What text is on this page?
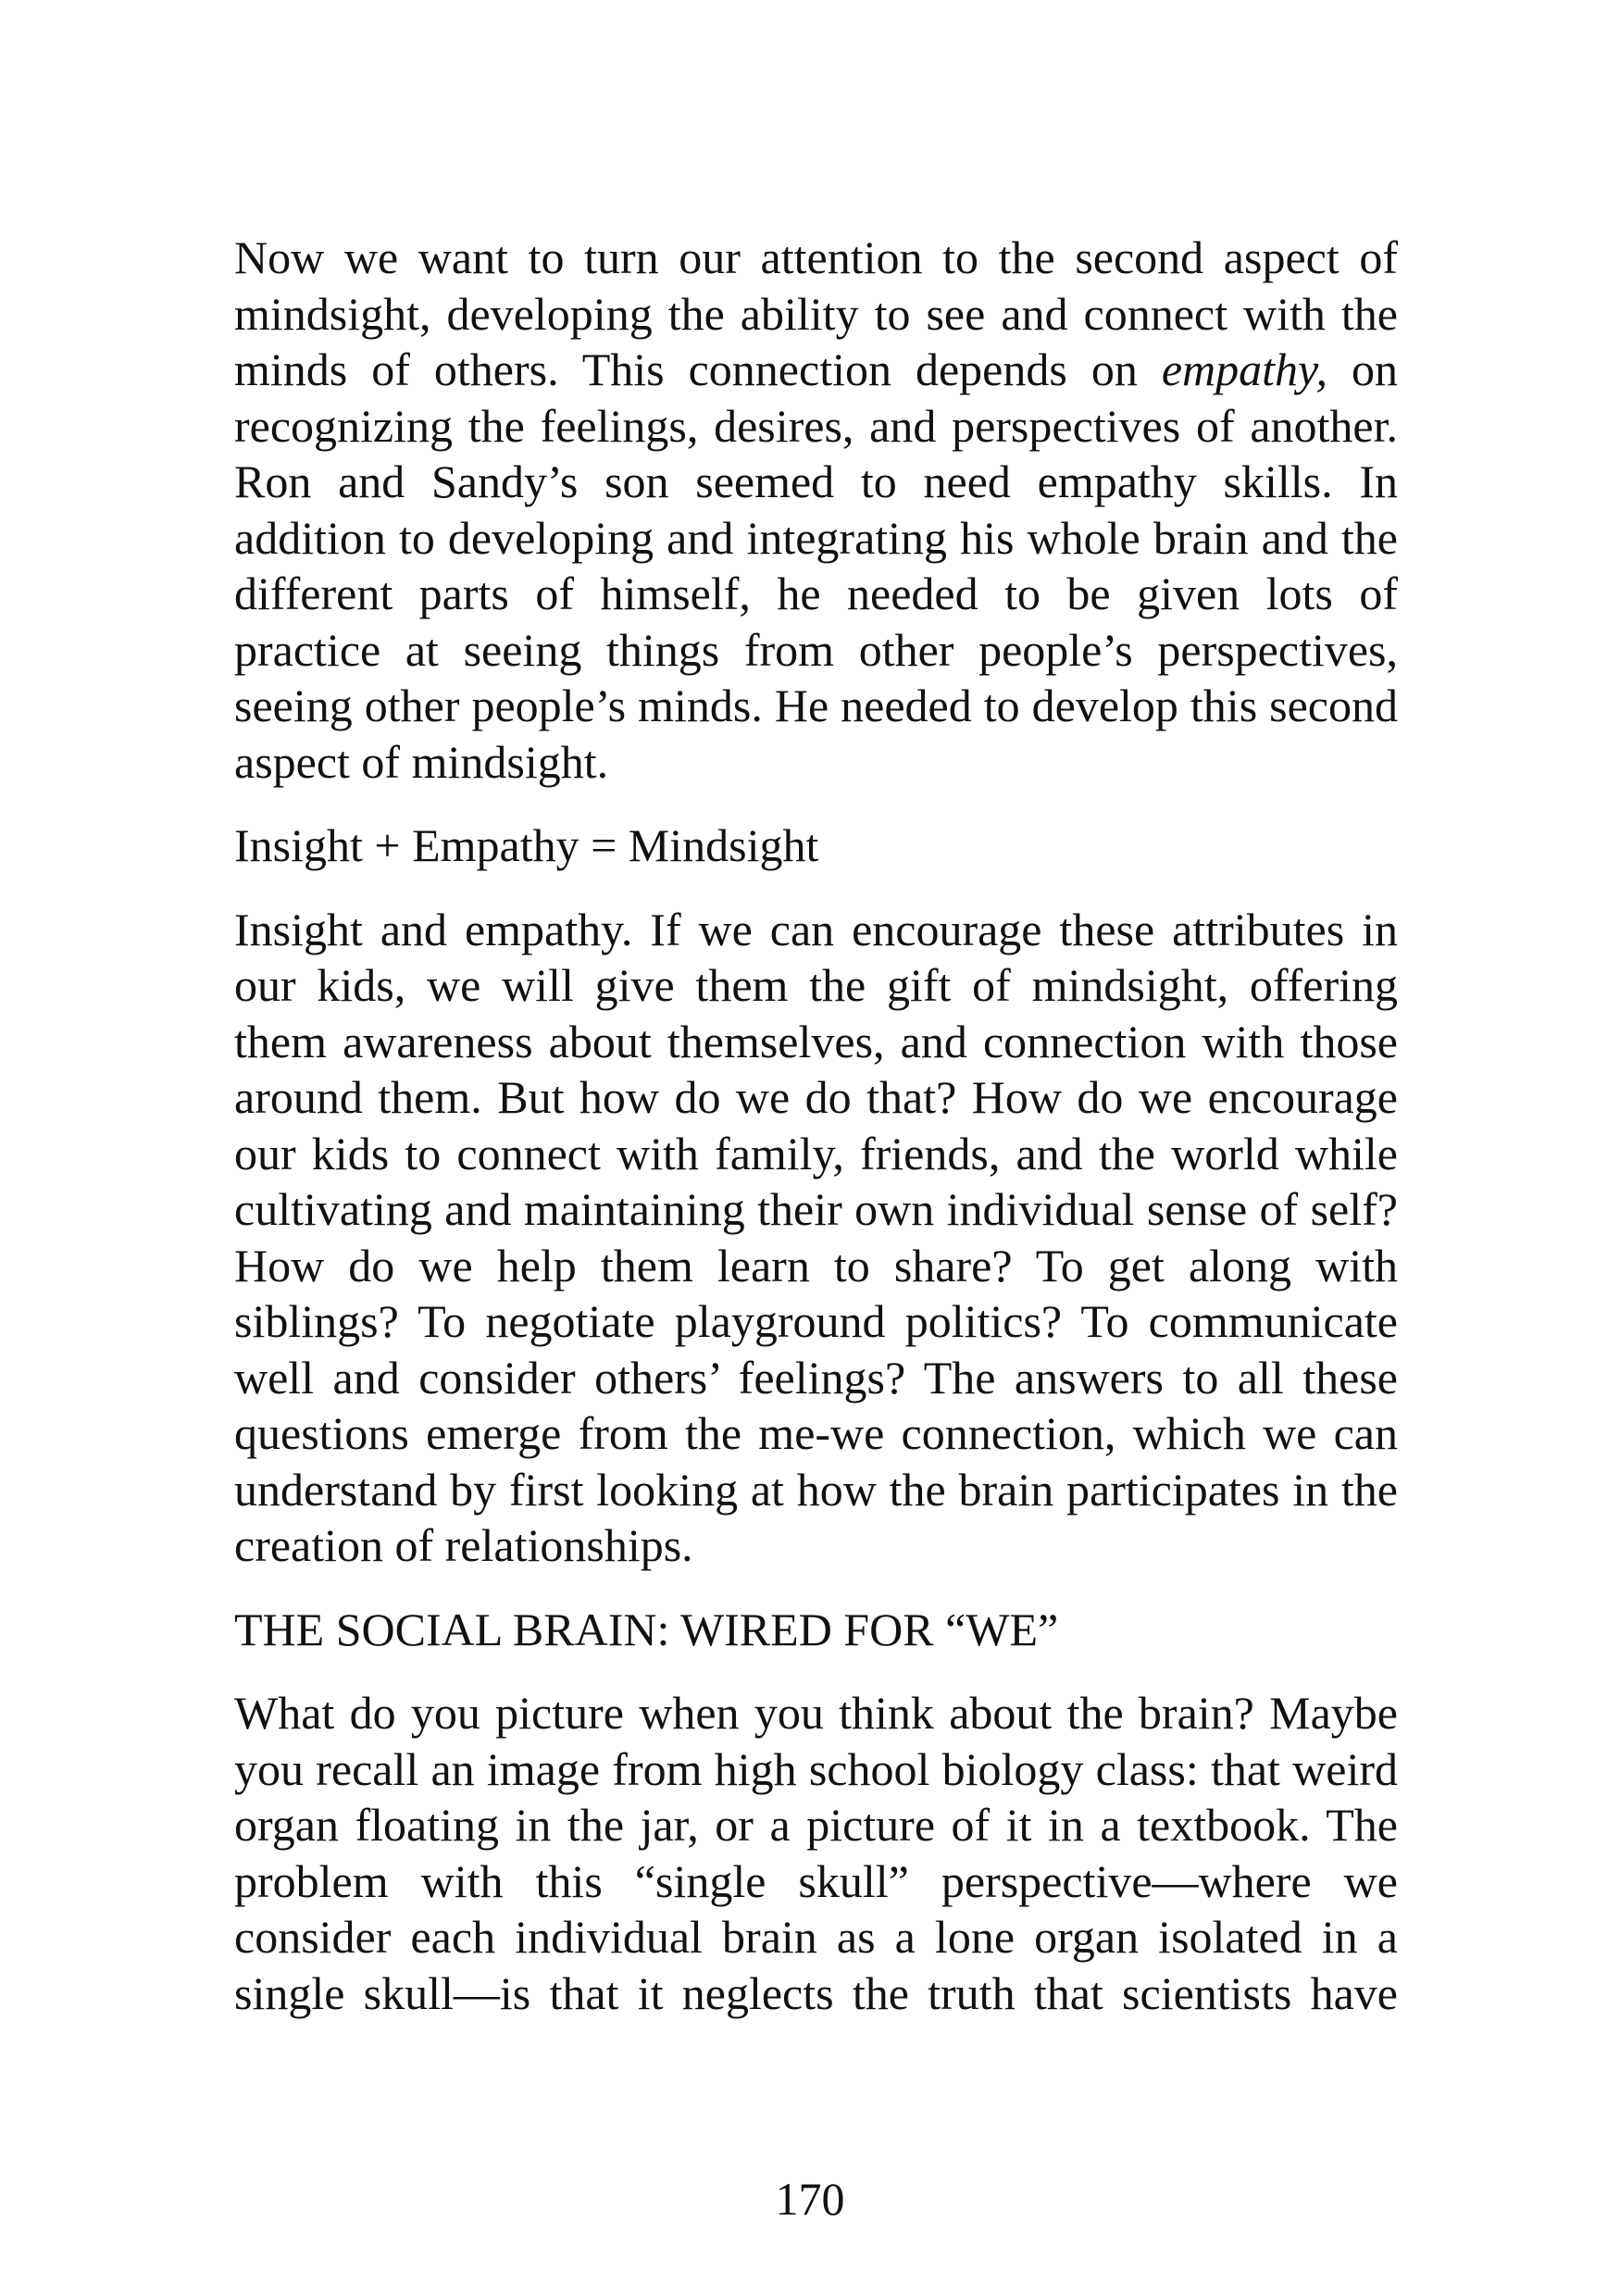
Now we want to turn our attention to the second aspect of mindsight, developing the ability to see and connect with the minds of others. This connection depends on empathy, on recognizing the feelings, desires, and perspectives of another. Ron and Sandy’s son seemed to need empathy skills. In addition to developing and integrating his whole brain and the different parts of himself, he needed to be given lots of practice at seeing things from other people’s perspectives, seeing other people’s minds. He needed to develop this second aspect of mindsight.

Insight + Empathy = Mindsight

Insight and empathy. If we can encourage these attributes in our kids, we will give them the gift of mindsight, offering them awareness about themselves, and connection with those around them. But how do we do that? How do we encourage our kids to connect with family, friends, and the world while cultivating and maintaining their own individual sense of self? How do we help them learn to share? To get along with siblings? To negotiate playground politics? To communicate well and consider others’ feelings? The answers to all these questions emerge from the me-we connection, which we can understand by first looking at how the brain participates in the creation of relationships.

THE SOCIAL BRAIN: WIRED FOR “WE”

What do you picture when you think about the brain? Maybe you recall an image from high school biology class: that weird organ floating in the jar, or a picture of it in a textbook. The problem with this “single skull” perspective—where we consider each individual brain as a lone organ isolated in a single skull—is that it neglects the truth that scientists have

170
